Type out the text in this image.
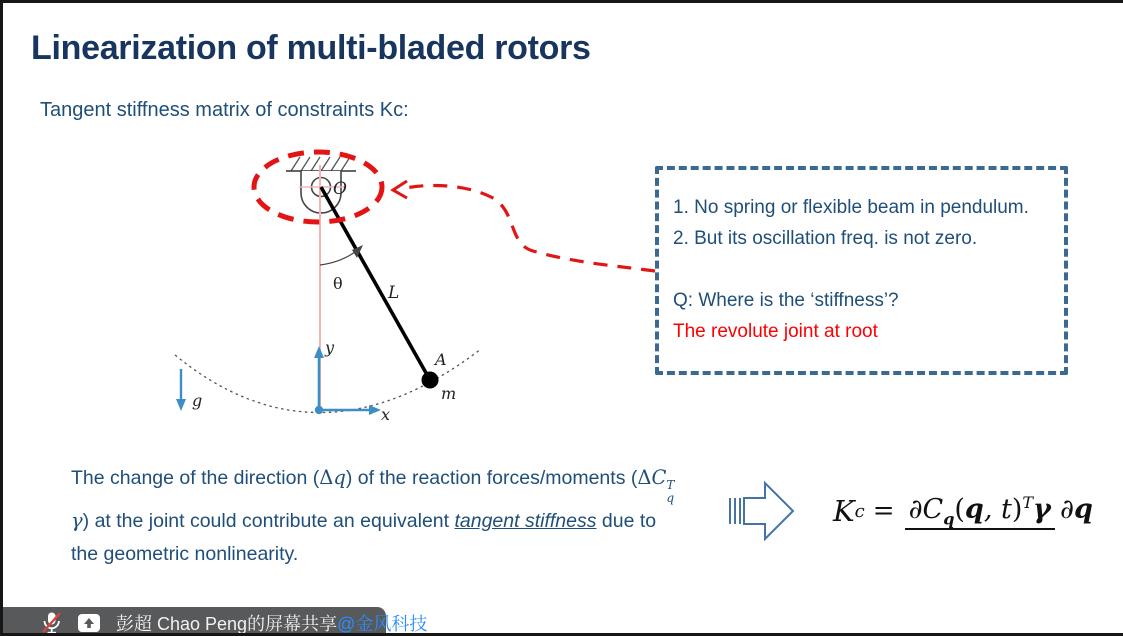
Linearization of multi-bladed rotors
Tangent stiffness matrix of constraints Kc:
O
θ	L
A
m
g
y
x
1. No spring or flexible beam in pendulum.
2. But its oscillation freq. is not zero.
Q: Where is the ‘stiffness’?
The revolute joint at root
The change of the direction (Δq) of the reaction forces/moments (ΔC T
q
γ) at the joint could contribute an equivalent tangent stiffness due to the geometric nonlinearity.
K $c = \partial C_q(q$, t)$^T$γ ∂q
彭超 Chao Peng的屏幕共享 @金风科技
